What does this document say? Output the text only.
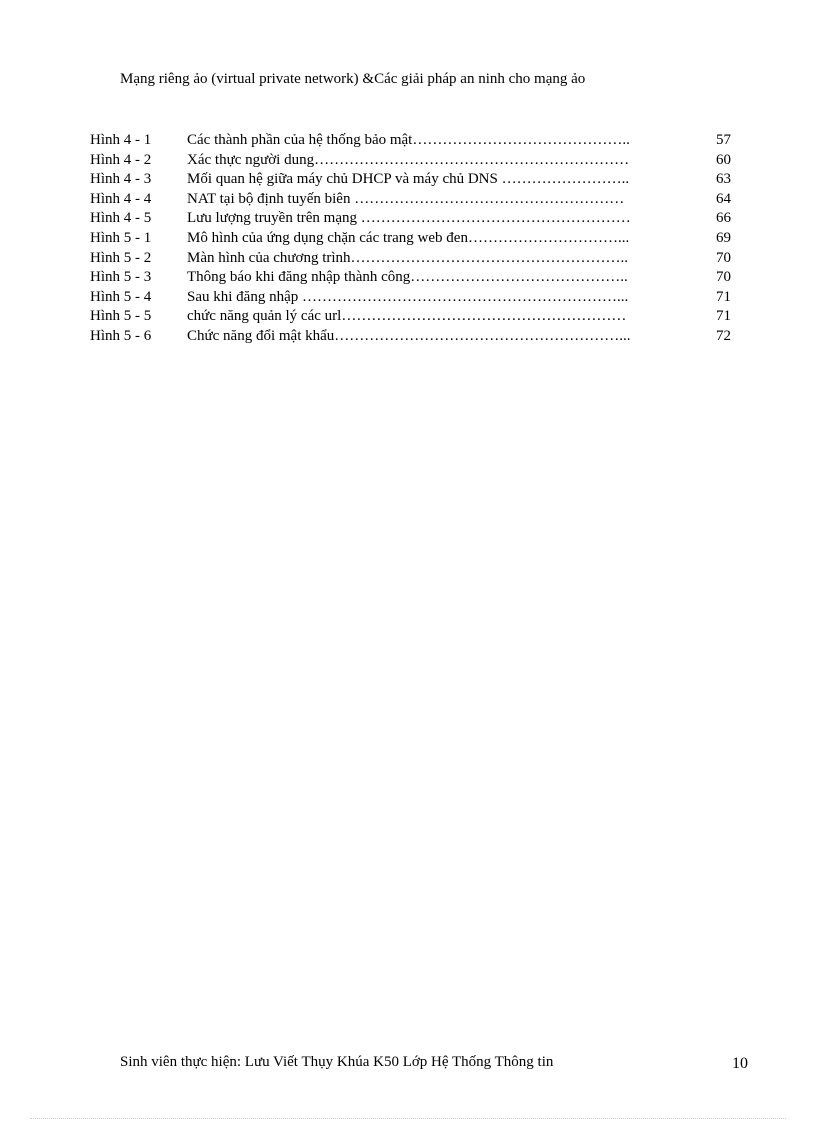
Mạng riêng ảo (virtual private network) &Các giải pháp an ninh cho mạng ảo
Hình 4 - 1 Các thành phần của hệ thống bảo mật……………………………………..	57
Hình 4 - 2 Xác thực người dung………………………………………………………	60
Hình 4 - 3 Mối quan hệ giữa máy chủ DHCP và máy chủ DNS ……………………..	63
Hình 4 - 4 NAT tại bộ định tuyến biên ………………………………………………	64
Hình 4 - 5 Lưu lượng truyền trên mạng ………………………………………………	66
Hình 5 - 1 Mô hình của ứng dụng chặn các trang web đen…………………………...	69
Hình 5 - 2 Màn hình của chương trình………………………………………………..	70
Hình 5 - 3 Thông báo khi đăng nhập thành công……………………………………..	70
Hình 5 - 4 Sau khi đăng nhập ………………………………………………………...	71
Hình 5 - 5 chức năng quản lý các url…………………………………………………	71
Hình 5 - 6 Chức năng đổi mật khẩu…………………………………………………...	72
Sinh viên thực hiện: Lưu Viết Thụy Khúa K50 Lớp Hệ Thống Thông tin	10
